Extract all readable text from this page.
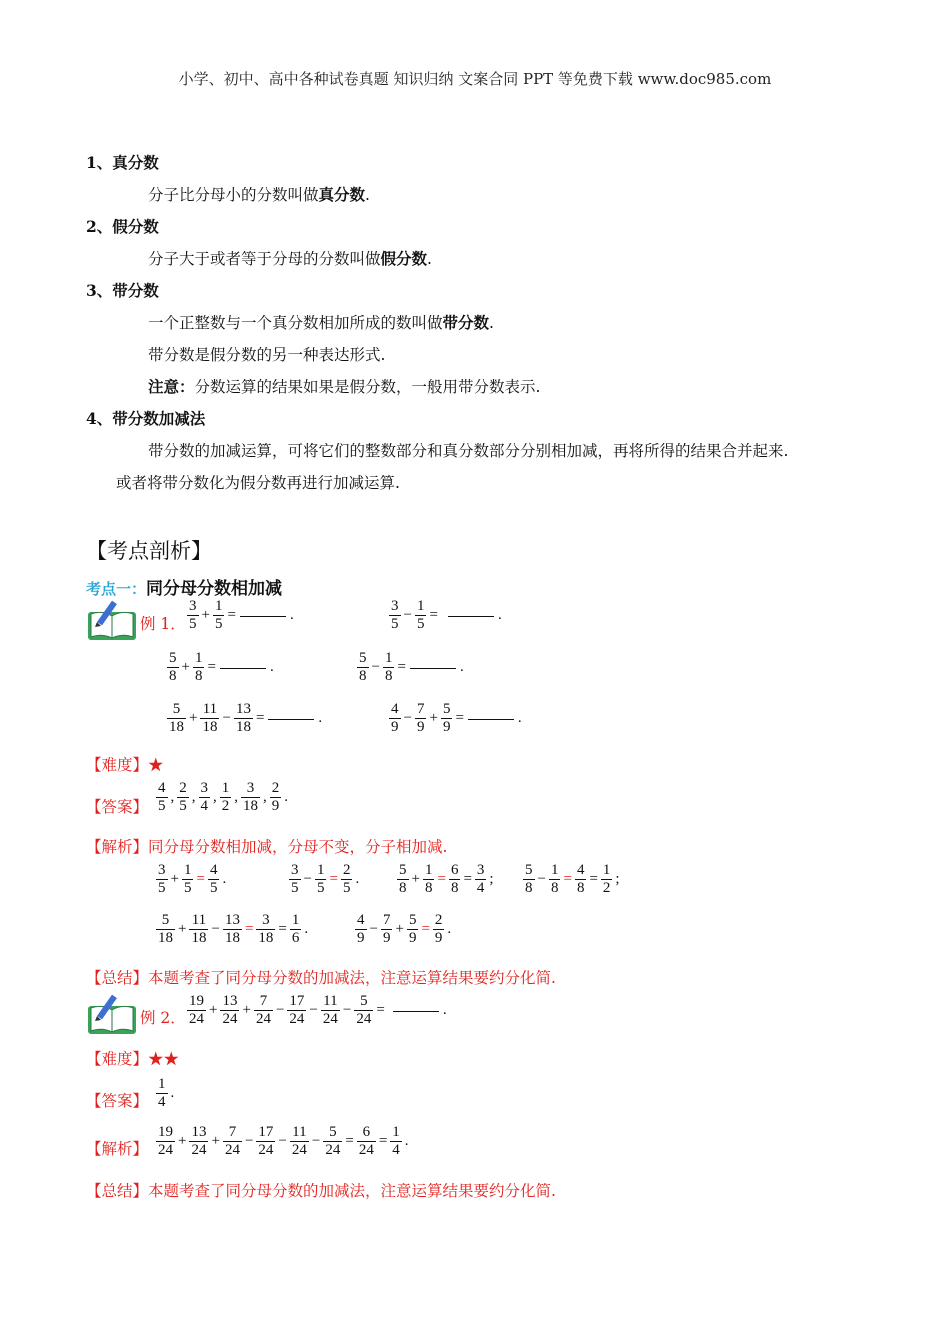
小学、初中、高中各种试卷真题 知识归纳 文案合同 PPT 等免费下载 www.doc985.com
1、真分数
分子比分母小的分数叫做真分数.
2、假分数
分子大于或者等于分母的分数叫做假分数.
3、带分数
一个正整数与一个真分数相加所成的数叫做带分数.
带分数是假分数的另一种表达形式.
注意：分数运算的结果如果是假分数，一般用带分数表示.
4、带分数加减法
带分数的加减运算，可将它们的整数部分和真分数部分分别相加减，再将所得的结果合并起来.
或者将带分数化为假分数再进行加减运算.
【考点剖析】
考点一：同分母分数相加减
例 1．
3
5
+ $\frac{1}{5}$ =	.
3
5
− $\frac{1}{5}$ =	.
5
8
+ $\frac{1}{8}$ =	.
5
8
− $\frac{1}{8}$ =	.
5
18
+ $\frac{11}{18} - \frac{13}{18}$ =	.
4
9
− $\frac{7}{9} + \frac{5}{9}$ =	.
【难度】★
【答案】
4
5
,
2
5
,
3
4
,
1
2
,
3
18
,
2
9
.
【解析】同分母分数相加减，分母不变，分子相加减.
3
5
+ $\frac{1}{5} = \frac{4}{5}$ .
3
5
− $\frac{1}{5} = \frac{2}{5}$ .
5
8
+ $\frac{1}{8} = \frac{6}{8} = \frac{3}{4}$ ;
5
8
− $\frac{1}{8} = \frac{4}{8} = \frac{1}{2}$ ;
5
18
+ $\frac{11}{18} - \frac{13}{18} = \frac{3}{18} = \frac{1}{6}$ .
4
9
− $\frac{7}{9} + \frac{5}{9} = \frac{2}{9}$ .
【总结】本题考查了同分母分数的加减法，注意运算结果要约分化简.
例 2．
19
24
+ $\frac{13}{24} + \frac{7}{24} - \frac{17}{24} - \frac{11}{24} - \frac{5}{24}$ =	.
【难度】★★
【答案】
1
4
.
【解析】
19
24
+ $\frac{13}{24} + \frac{7}{24} - \frac{17}{24} - \frac{11}{24} - \frac{5}{24} = \frac{6}{24} = \frac{1}{4}$ .
【总结】本题考查了同分母分数的加减法，注意运算结果要约分化简.
